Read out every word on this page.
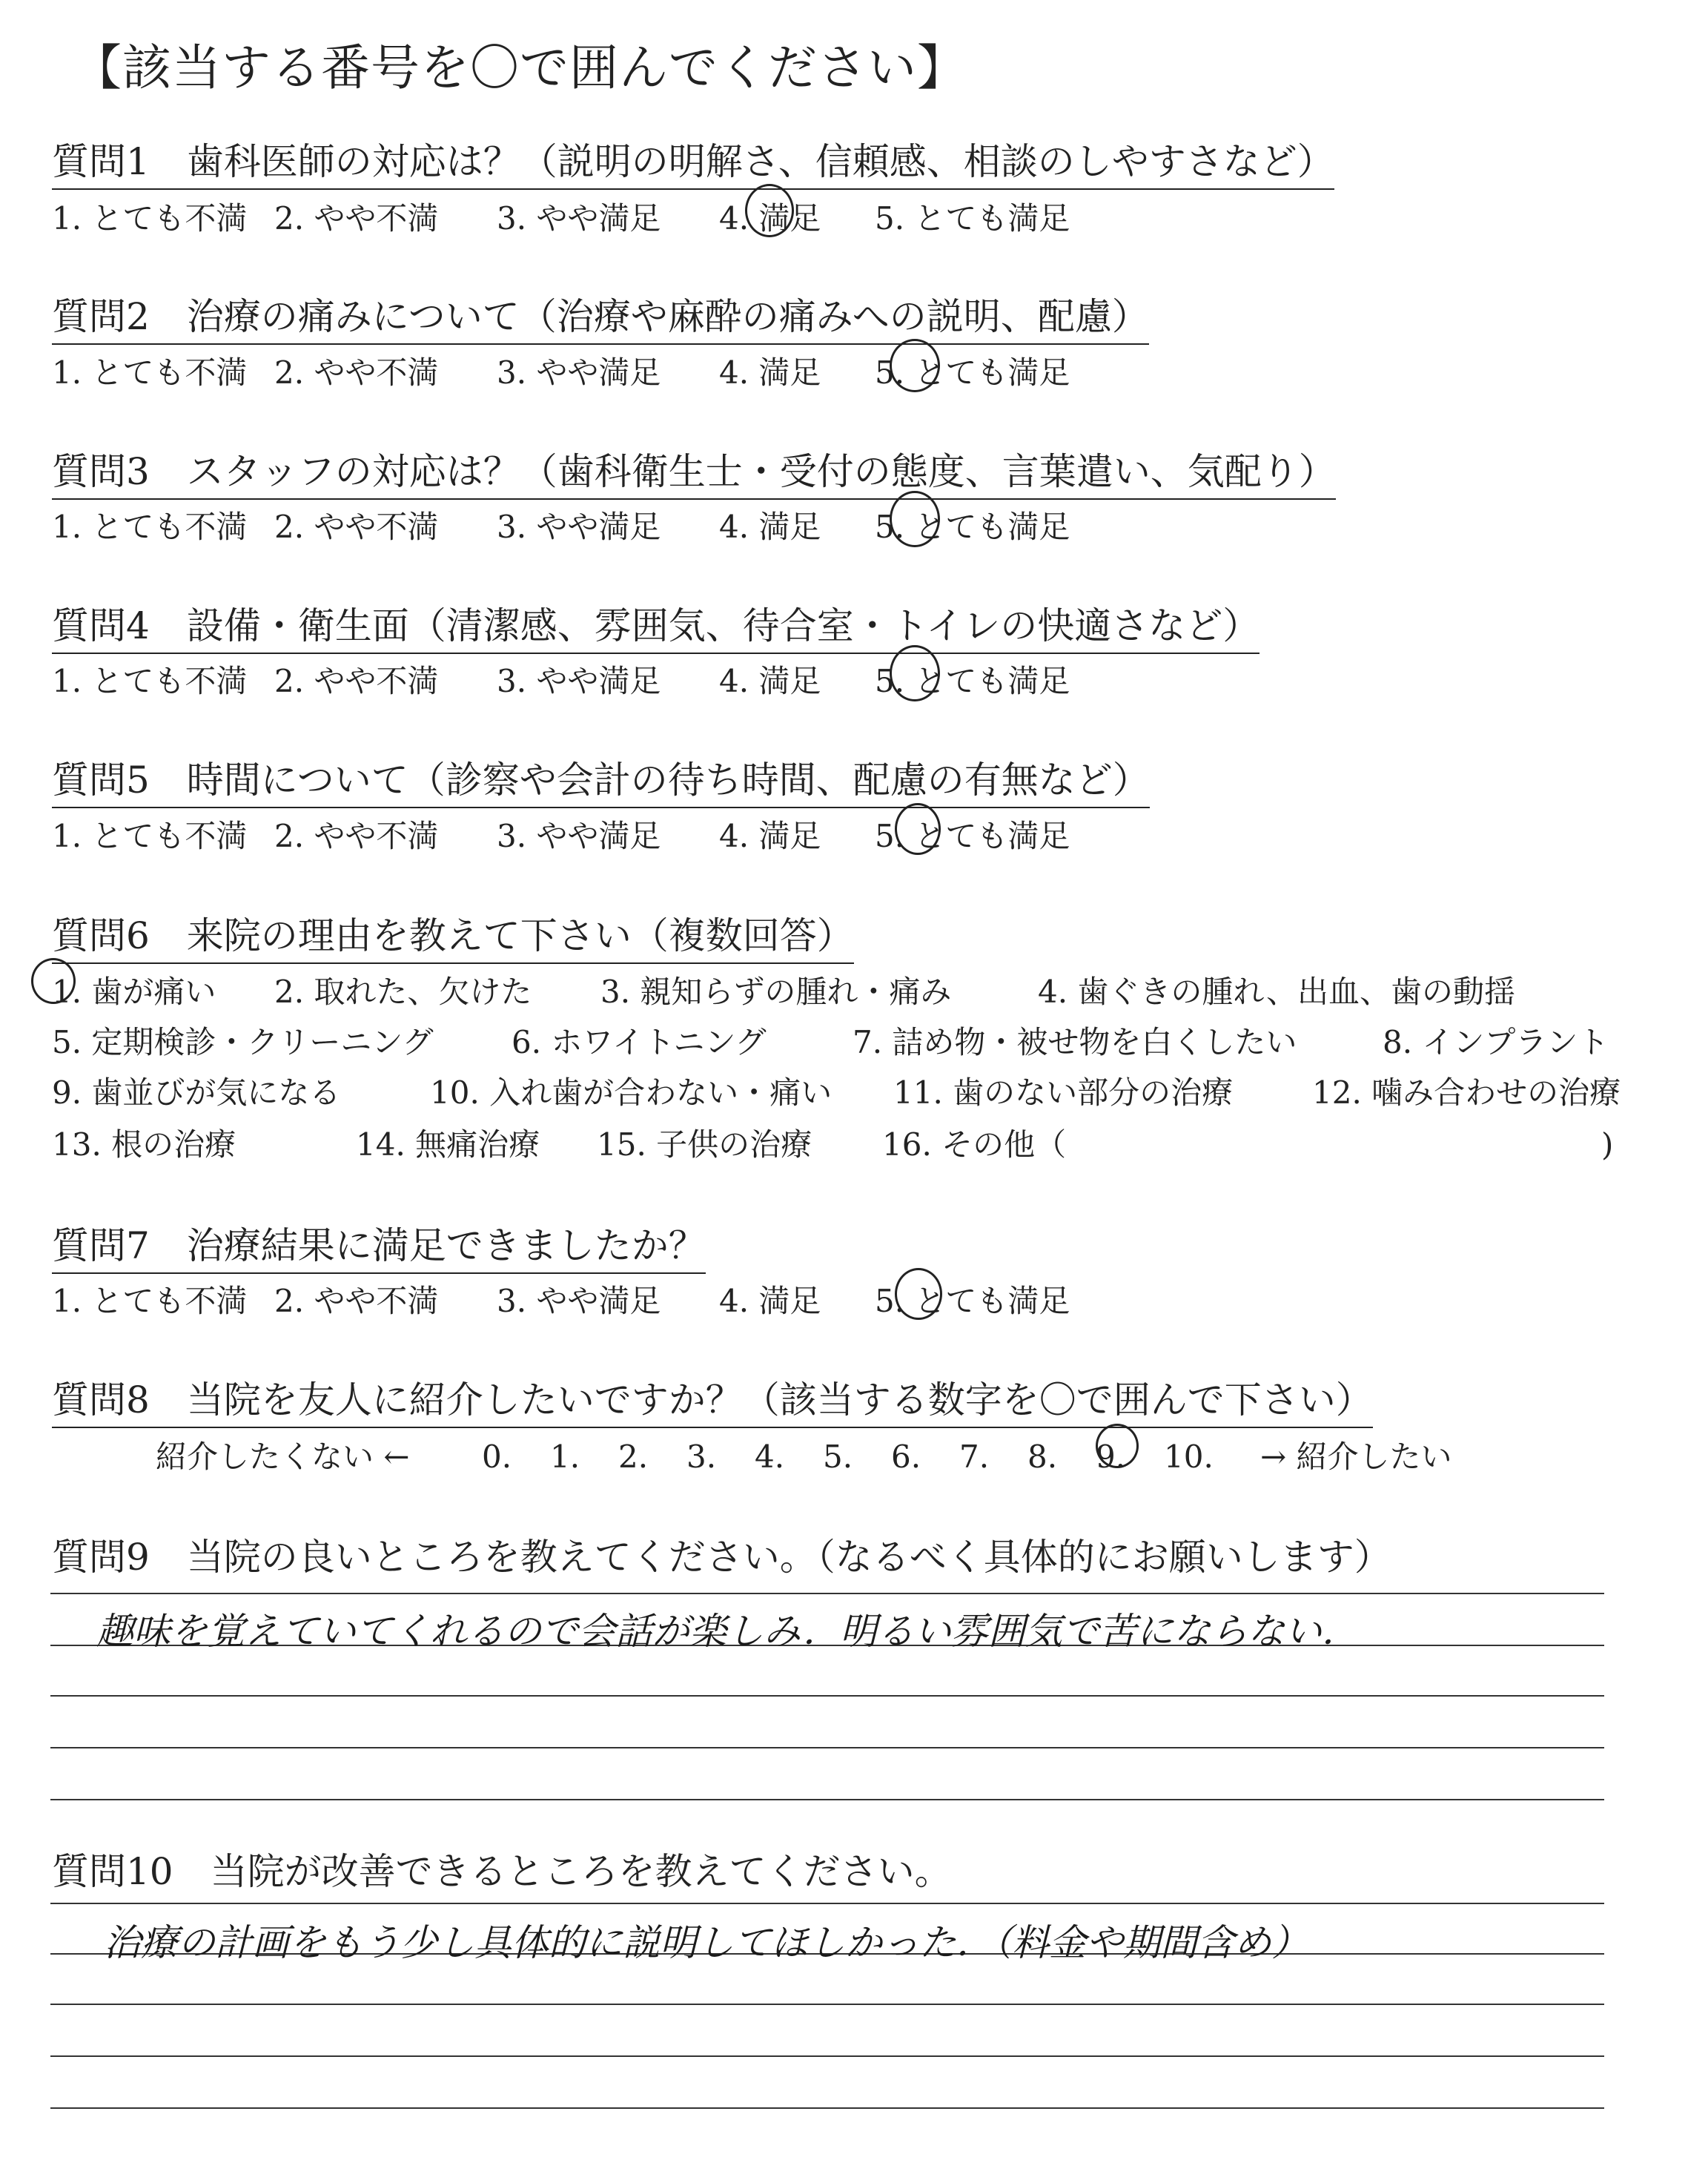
【該当する番号を〇で囲んでください】
質問1　歯科医師の対応は？（説明の明解さ、信頼感、相談のしやすさなど）
1. とても不満 2. やや不満 3. やや満足 4. 満足 5. とても満足
質問2　治療の痛みについて（治療や麻酔の痛みへの説明、配慮）
1. とても不満 2. やや不満 3. やや満足 4. 満足 5. とても満足
質問3　スタッフの対応は？（歯科衛生士・受付の態度、言葉遣い、気配り）
1. とても不満 2. やや不満 3. やや満足 4. 満足 5. とても満足
質問4　設備・衛生面（清潔感、雰囲気、待合室・トイレの快適さなど）
1. とても不満 2. やや不満 3. やや満足 4. 満足 5. とても満足
質問5　時間について（診察や会計の待ち時間、配慮の有無など）
1. とても不満 2. やや不満 3. やや満足 4. 満足 5. とても満足
質問6　来院の理由を教えて下さい（複数回答）
1. 歯が痛い 2. 取れた、欠けた 3. 親知らずの腫れ・痛み	4. 歯ぐきの腫れ、出血、歯の動揺
5. 定期検診・クリーニング	6. ホワイトニング	7. 詰め物・被せ物を白くしたい	8. インプラント
9. 歯並びが気になる	10. 入れ歯が合わない・痛い 11. 歯のない部分の治療	12. 噛み合わせの治療
13. 根の治療	14. 無痛治療 15. 子供の治療 16. その他（	)
質問7　治療結果に満足できましたか？
1. とても不満 2. やや不満 3. やや満足 4. 満足 5. とても満足
質問8　当院を友人に紹介したいですか？（該当する数字を〇で囲んで下さい）
紹介したくない ← 0. 1. 2. 3. 4. 5. 6. 7. 8. 9. 10. → 紹介したい
質問9　当院の良いところを教えてください。（なるべく具体的にお願いします）
趣味を覚えていてくれるので会話が楽しみ．明るい雰囲気で苦にならない．
質問10　当院が改善できるところを教えてください。
治療の計画をもう少し具体的に説明してほしかった．（料金や期間含め）
